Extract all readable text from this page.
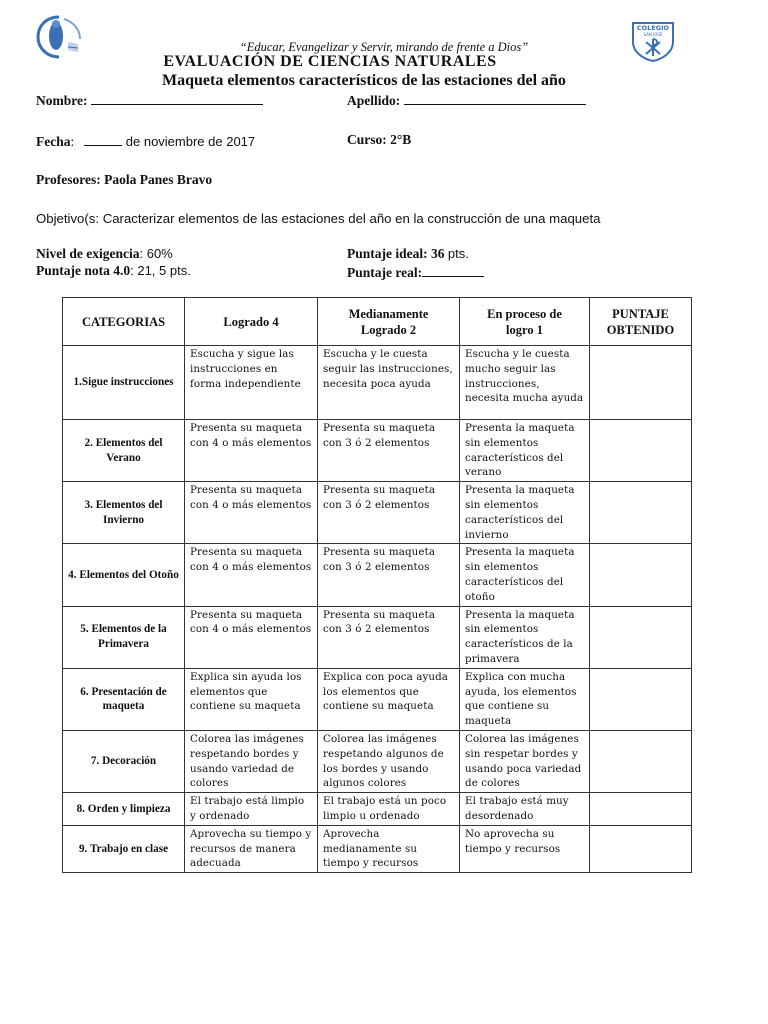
COLEGIO
SAN JOSÉ
“Educar, Evangelizar y Servir, mirando de frente a Dios”
EVALUACIÓN DE CIENCIAS NATURALES
Maqueta elementos característicos de las estaciones del año
Nombre:	Apellido:
Fecha:	de noviembre de 2017	Curso: 2°B
Profesores: Paola Panes Bravo
Objetivo(s: Caracterizar elementos de las estaciones del año en la construcción de una maqueta
Nivel de exigencia: 60%	Puntaje ideal: 36 pts.
Puntaje nota 4.0: 21, 5 pts.	Puntaje real:
CATEGORIAS	Logrado 4	Medianamente Logrado 2	En proceso de logro 1	PUNTAJE OBTENIDO
1.Sigue instrucciones	Escucha y sigue las instrucciones en forma independiente	Escucha y le cuesta seguir las instrucciones, necesita poca ayuda	Escucha y le cuesta mucho seguir las instrucciones, necesita mucha ayuda	
2. Elementos del Verano	Presenta su maqueta con 4 o más elementos	Presenta su maqueta con 3 ó 2 elementos	Presenta la maqueta sin elementos característicos del verano	
3. Elementos del Invierno	Presenta su maqueta con 4 o más elementos	Presenta su maqueta con 3 ó 2 elementos	Presenta la maqueta sin elementos característicos del invierno	
4. Elementos del Otoño	Presenta su maqueta con 4 o más elementos	Presenta su maqueta con 3 ó 2 elementos	Presenta la maqueta sin elementos característicos del otoño	
5. Elementos de la Primavera	Presenta su maqueta con 4 o más elementos	Presenta su maqueta con 3 ó 2 elementos	Presenta la maqueta sin elementos característicos de la primavera	
6. Presentación de maqueta	Explica sin ayuda los elementos que contiene su maqueta	Explica con poca ayuda los elementos que contiene su maqueta	Explica con mucha ayuda, los elementos que contiene su maqueta	
7. Decoración	Colorea las imágenes respetando bordes y usando variedad de colores	Colorea las imágenes respetando algunos de los bordes y usando algunos colores	Colorea las imágenes sin respetar bordes y usando poca variedad de colores	
8. Orden y limpieza	El trabajo está limpio y ordenado	El trabajo está un poco limpio u ordenado	El trabajo está muy desordenado	
9. Trabajo en clase	Aprovecha su tiempo y recursos de manera adecuada	Aprovecha medianamente su tiempo y recursos	No aprovecha su tiempo y recursos	
